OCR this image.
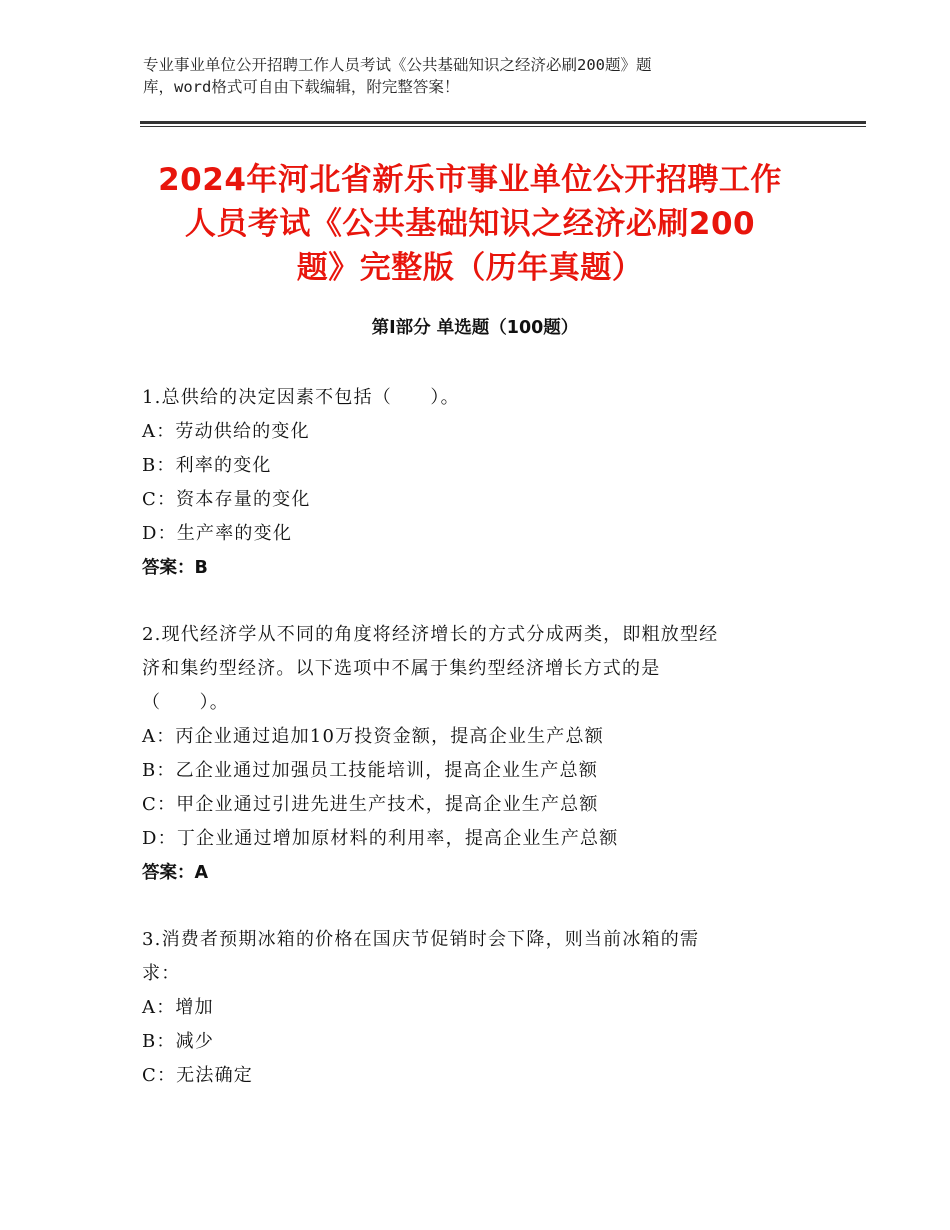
专业事业单位公开招聘工作人员考试《公共基础知识之经济必刷200题》题
库，word格式可自由下载编辑，附完整答案！
2024年河北省新乐市事业单位公开招聘工作
人员考试《公共基础知识之经济必刷200
题》完整版（历年真题）
第Ⅰ部分 单选题（100题）
1.总供给的决定因素不包括（　　）。
A：劳动供给的变化
B：利率的变化
C：资本存量的变化
D：生产率的变化
答案：B
2.现代经济学从不同的角度将经济增长的方式分成两类，即粗放型经
济和集约型经济。以下选项中不属于集约型经济增长方式的是
（　　）。
A：丙企业通过追加10万投资金额，提高企业生产总额
B：乙企业通过加强员工技能培训，提高企业生产总额
C：甲企业通过引进先进生产技术，提高企业生产总额
D：丁企业通过增加原材料的利用率，提高企业生产总额
答案：A
3.消费者预期冰箱的价格在国庆节促销时会下降，则当前冰箱的需
求：
A：增加
B：减少
C：无法确定
